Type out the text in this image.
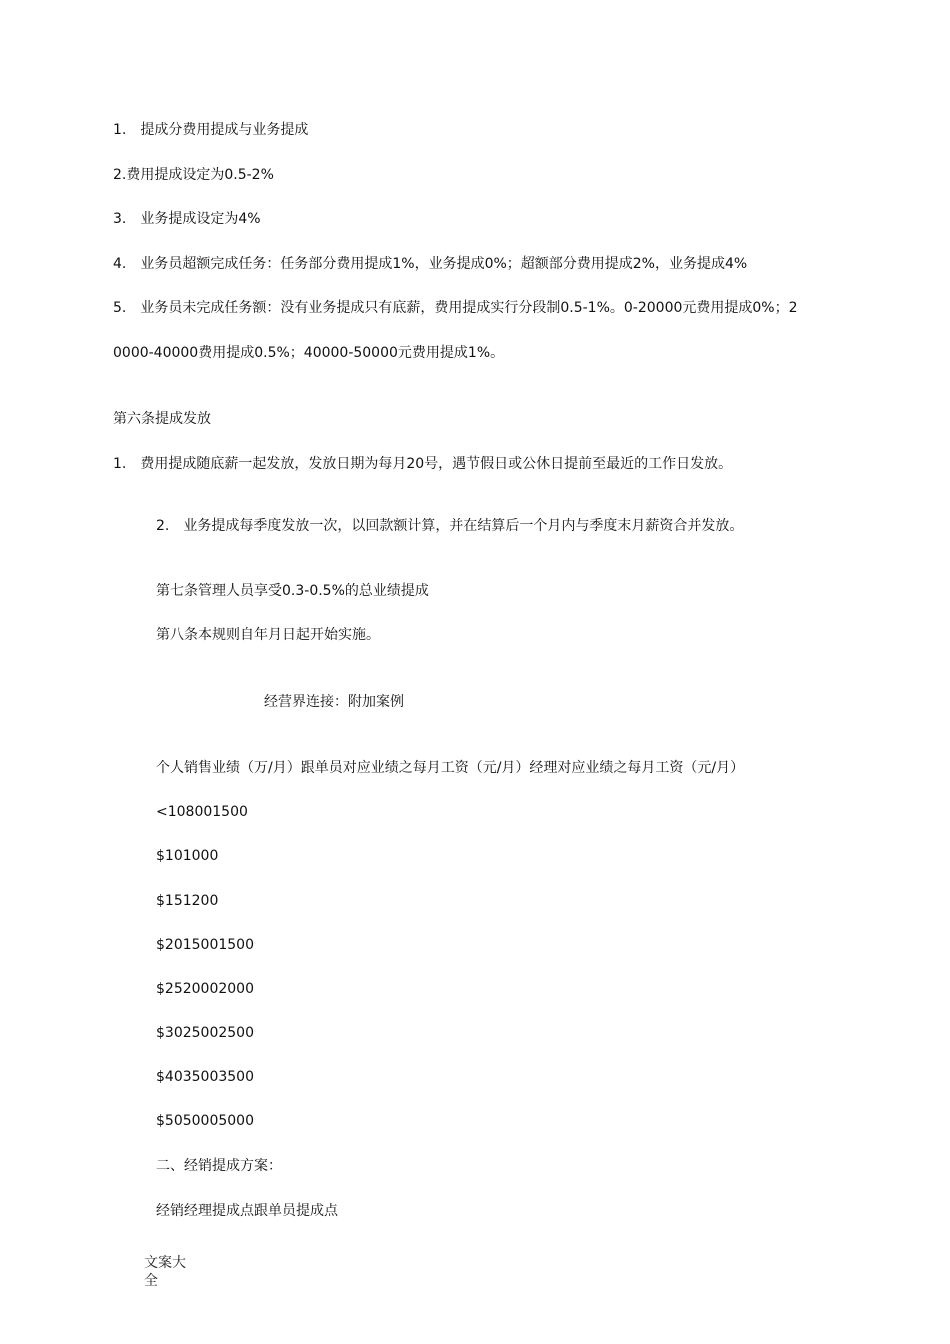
1.　提成分费用提成与业务提成

2.费用提成设定为0.5-2%

3.　业务提成设定为4%

4.　业务员超额完成任务：任务部分费用提成1%，业务提成0%；超额部分费用提成2%，业务提成4%

5.　业务员未完成任务额：没有业务提成只有底薪，费用提成实行分段制0.5-1%。0-20000元费用提成0%；2

0000-40000费用提成0.5%；40000-50000元费用提成1%。

第六条提成发放

1.　费用提成随底薪一起发放，发放日期为每月20号，遇节假日或公休日提前至最近的工作日发放。

2.　业务提成每季度发放一次，以回款额计算，并在结算后一个月内与季度末月薪资合并发放。

第七条管理人员享受0.3-0.5%的总业绩提成

第八条本规则自年月日起开始实施。

经营界连接：附加案例

个人销售业绩（万/月）跟单员对应业绩之每月工资（元/月）经理对应业绩之每月工资（元/月）

<108001500

$101000

$151200

$2015001500

$2520002000

$3025002500

$4035003500

$5050005000

二、经销提成方案：

经销经理提成点跟单员提成点

文案大全
